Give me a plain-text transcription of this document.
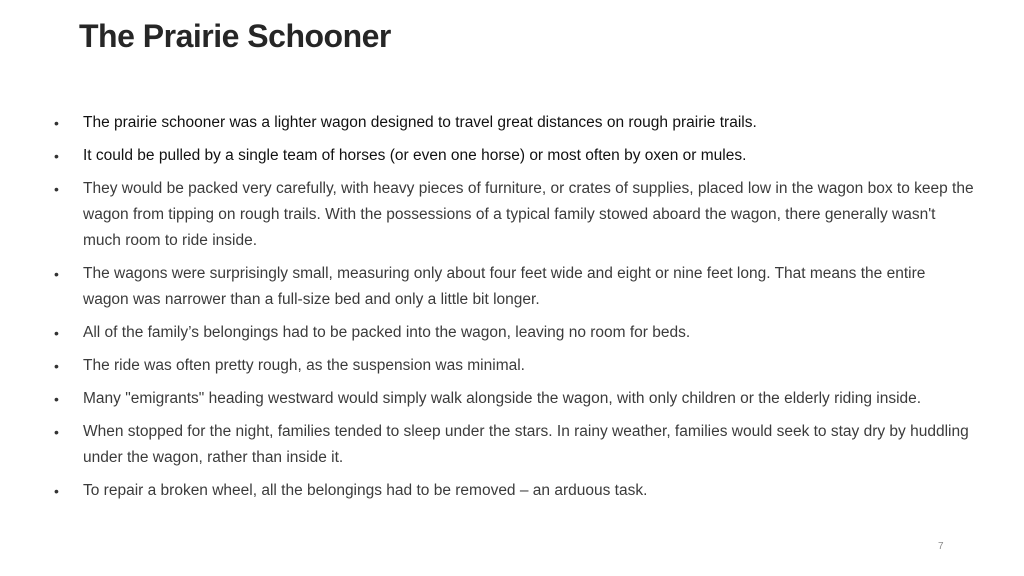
The Prairie Schooner
• The prairie schooner was a lighter wagon designed to travel great distances on rough prairie trails.
• It could be pulled by a single team of horses (or even one horse) or most often by oxen or mules.
• They would be packed very carefully, with heavy pieces of furniture, or crates of supplies, placed low in the wagon box to keep the wagon from tipping on rough trails. With the possessions of a typical family stowed aboard the wagon, there generally wasn't much room to ride inside.
• The wagons were surprisingly small, measuring only about four feet wide and eight or nine feet long. That means the entire wagon was narrower than a full-size bed and only a little bit longer.
• All of the family’s belongings had to be packed into the wagon, leaving no room for beds.
• The ride was often pretty rough, as the suspension was minimal.
• Many "emigrants" heading westward would simply walk alongside the wagon, with only children or the elderly riding inside.
• When stopped for the night, families tended to sleep under the stars. In rainy weather, families would seek to stay dry by huddling under the wagon, rather than inside it.
• To repair a broken wheel, all the belongings had to be removed – an arduous task.
7
